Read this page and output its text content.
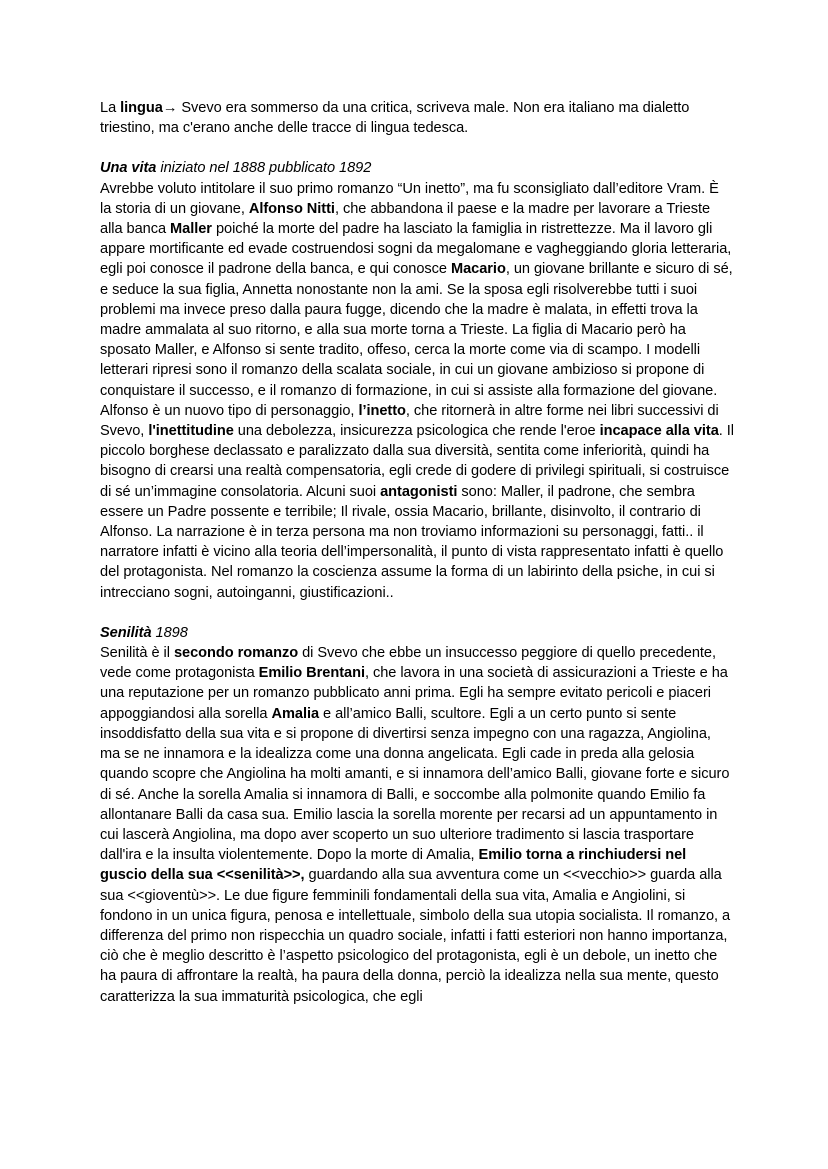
La lingua→ Svevo era sommerso da una critica, scriveva male. Non era italiano ma dialetto triestino, ma c'erano anche delle tracce di lingua tedesca.

Una vita iniziato nel 1888 pubblicato 1892

Avrebbe voluto intitolare il suo primo romanzo “Un inetto”, ma fu sconsigliato dall’editore Vram. È la storia di un giovane, Alfonso Nitti, che abbandona il paese e la madre per lavorare a Trieste alla banca Maller poiché la morte del padre ha lasciato la famiglia in ristrettezze. Ma il lavoro gli appare mortificante ed evade costruendosi sogni da megalomane e vagheggiando gloria letteraria, egli poi conosce il padrone della banca, e qui conosce Macario, un giovane brillante e sicuro di sé, e seduce la sua figlia, Annetta nonostante non la ami. Se la sposa egli risolverebbe tutti i suoi problemi ma invece preso dalla paura fugge, dicendo che la madre è malata, in effetti trova la madre ammalata al suo ritorno, e alla sua morte torna a Trieste. La figlia di Macario però ha sposato Maller, e Alfonso si sente tradito, offeso, cerca la morte come via di scampo. I modelli letterari ripresi sono il romanzo della scalata sociale, in cui un giovane ambizioso si propone di conquistare il successo, e il romanzo di formazione, in cui si assiste alla formazione del giovane. Alfonso è un nuovo tipo di personaggio, l’inetto, che ritornerà in altre forme nei libri successivi di Svevo, l'inettitudine una debolezza, insicurezza psicologica che rende l'eroe incapace alla vita. Il piccolo borghese declassato e paralizzato dalla sua diversità, sentita come inferiorità, quindi ha bisogno di crearsi una realtà compensatoria, egli crede di godere di privilegi spirituali, si costruisce di sé un’immagine consolatoria. Alcuni suoi antagonisti sono: Maller, il padrone, che sembra essere un Padre possente e terribile; Il rivale, ossia Macario, brillante, disinvolto, il contrario di Alfonso. La narrazione è in terza persona ma non troviamo informazioni su personaggi, fatti.. il narratore infatti è vicino alla teoria dell’impersonalità, il punto di vista rappresentato infatti è quello del protagonista. Nel romanzo la coscienza assume la forma di un labirinto della psiche, in cui si intrecciano sogni, autoinganni, giustificazioni..

Senilità 1898

Senilità è il secondo romanzo di Svevo che ebbe un insuccesso peggiore di quello precedente, vede come protagonista Emilio Brentani, che lavora in una società di assicurazioni a Trieste e ha una reputazione per un romanzo pubblicato anni prima. Egli ha sempre evitato pericoli e piaceri appoggiandosi alla sorella Amalia e all’amico Balli, scultore. Egli a un certo punto si sente insoddisfatto della sua vita e si propone di divertirsi senza impegno con una ragazza, Angiolina, ma se ne innamora e la idealizza come una donna angelicata. Egli cade in preda alla gelosia quando scopre che Angiolina ha molti amanti, e si innamora dell’amico Balli, giovane forte e sicuro di sé. Anche la sorella Amalia si innamora di Balli, e soccombe alla polmonite quando Emilio fa allontanare Balli da casa sua. Emilio lascia la sorella morente per recarsi ad un appuntamento in cui lascerà Angiolina, ma dopo aver scoperto un suo ulteriore tradimento si lascia trasportare dall'ira e la insulta violentemente. Dopo la morte di Amalia, Emilio torna a rinchiudersi nel guscio della sua <<senilità>>, guardando alla sua avventura come un <<vecchio>> guarda alla sua <<gioventù>>. Le due figure femminili fondamentali della sua vita, Amalia e Angiolini, si fondono in un unica figura, penosa e intellettuale, simbolo della sua utopia socialista. Il romanzo, a differenza del primo non rispecchia un quadro sociale, infatti i fatti esteriori non hanno importanza, ciò che è meglio descritto è l’aspetto psicologico del protagonista, egli è un debole, un inetto che ha paura di affrontare la realtà, ha paura della donna, perciò la idealizza nella sua mente, questo caratterizza la sua immaturità psicologica, che egli
